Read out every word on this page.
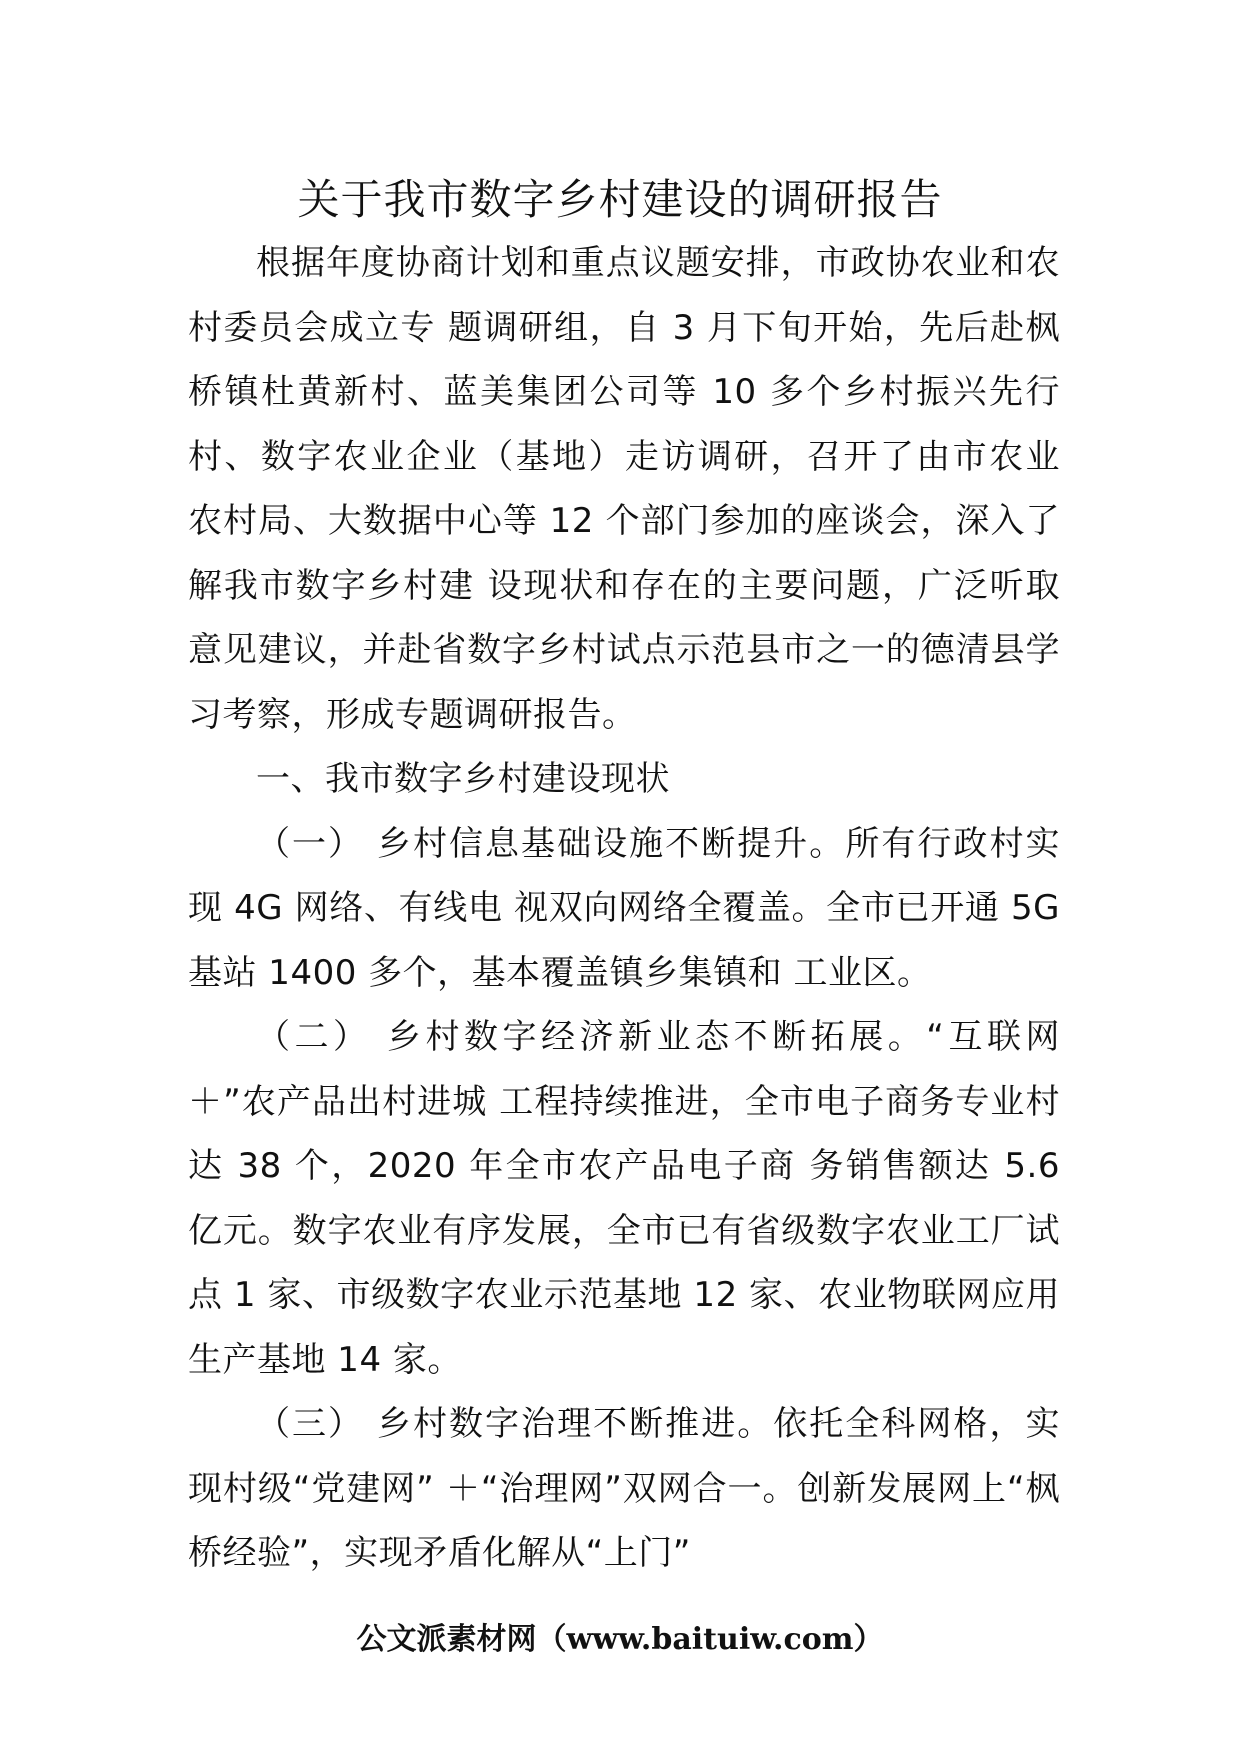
关于我市数字乡村建设的调研报告

根据年度协商计划和重点议题安排，市政协农业和农村委员会成立专 题调研组，自 3 月下旬开始，先后赴枫桥镇杜黄新村、蓝美集团公司等 10 多个乡村振兴先行村、数字农业企业（基地）走访调研，召开了由市农业 农村局、大数据中心等 12 个部门参加的座谈会，深入了解我市数字乡村建 设现状和存在的主要问题，广泛听取意见建议，并赴省数字乡村试点示范县市之一的德清县学习考察，形成专题调研报告。

一、我市数字乡村建设现状

（一） 乡村信息基础设施不断提升。所有行政村实现 4G 网络、有线电 视双向网络全覆盖。全市已开通 5G 基站 1400 多个，基本覆盖镇乡集镇和 工业区。

（二） 乡村数字经济新业态不断拓展。“互联网＋”农产品出村进城 工程持续推进，全市电子商务专业村达 38 个，2020 年全市农产品电子商 务销售额达 5.6 亿元。数字农业有序发展，全市已有省级数字农业工厂试 点 1 家、市级数字农业示范基地 12 家、农业物联网应用生产基地 14 家。

（三） 乡村数字治理不断推进。依托全科网格，实现村级“党建网” ＋“治理网”双网合一。创新发展网上“枫桥经验”，实现矛盾化解从“上门”

公文派素材网（www.baituiw.com）
